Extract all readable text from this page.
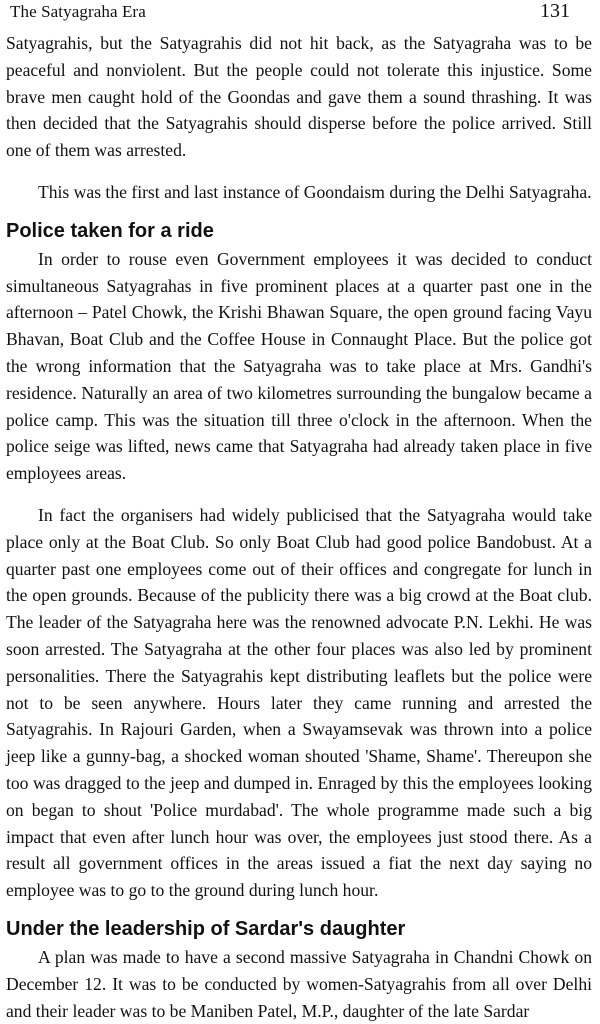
The Satyagraha Era	131

Satyagrahis, but the Satyagrahis did not hit back, as the Satyagraha was to be peaceful and nonviolent. But the people could not tolerate this injustice. Some brave men caught hold of the Goondas and gave them a sound thrashing. It was then decided that the Satyagrahis should disperse before the police arrived. Still one of them was arrested.

This was the first and last instance of Goondaism during the Delhi Satyagraha.

Police taken for a ride

In order to rouse even Government employees it was decided to conduct simultaneous Satyagrahas in five prominent places at a quarter past one in the afternoon – Patel Chowk, the Krishi Bhawan Square, the open ground facing Vayu Bhavan, Boat Club and the Coffee House in Connaught Place. But the police got the wrong information that the Satyagraha was to take place at Mrs. Gandhi's residence. Naturally an area of two kilometres surrounding the bungalow became a police camp. This was the situation till three o'clock in the afternoon. When the police seige was lifted, news came that Satyagraha had already taken place in five employees areas.

In fact the organisers had widely publicised that the Satyagraha would take place only at the Boat Club. So only Boat Club had good police Bandobust. At a quarter past one employees come out of their offices and congregate for lunch in the open grounds. Because of the publicity there was a big crowd at the Boat club. The leader of the Satyagraha here was the renowned advocate P.N. Lekhi. He was soon arrested. The Satyagraha at the other four places was also led by prominent personalities. There the Satyagrahis kept distributing leaflets but the police were not to be seen anywhere. Hours later they came running and arrested the Satyagrahis. In Rajouri Garden, when a Swayamsevak was thrown into a police jeep like a gunny-bag, a shocked woman shouted 'Shame, Shame'. Thereupon she too was dragged to the jeep and dumped in. Enraged by this the employees looking on began to shout 'Police murdabad'. The whole programme made such a big impact that even after lunch hour was over, the employees just stood there. As a result all government offices in the areas issued a fiat the next day saying no employee was to go to the ground during lunch hour.

Under the leadership of Sardar's daughter

A plan was made to have a second massive Satyagraha in Chandni Chowk on December 12. It was to be conducted by women-Satyagrahis from all over Delhi and their leader was to be Maniben Patel, M.P., daughter of the late Sardar
